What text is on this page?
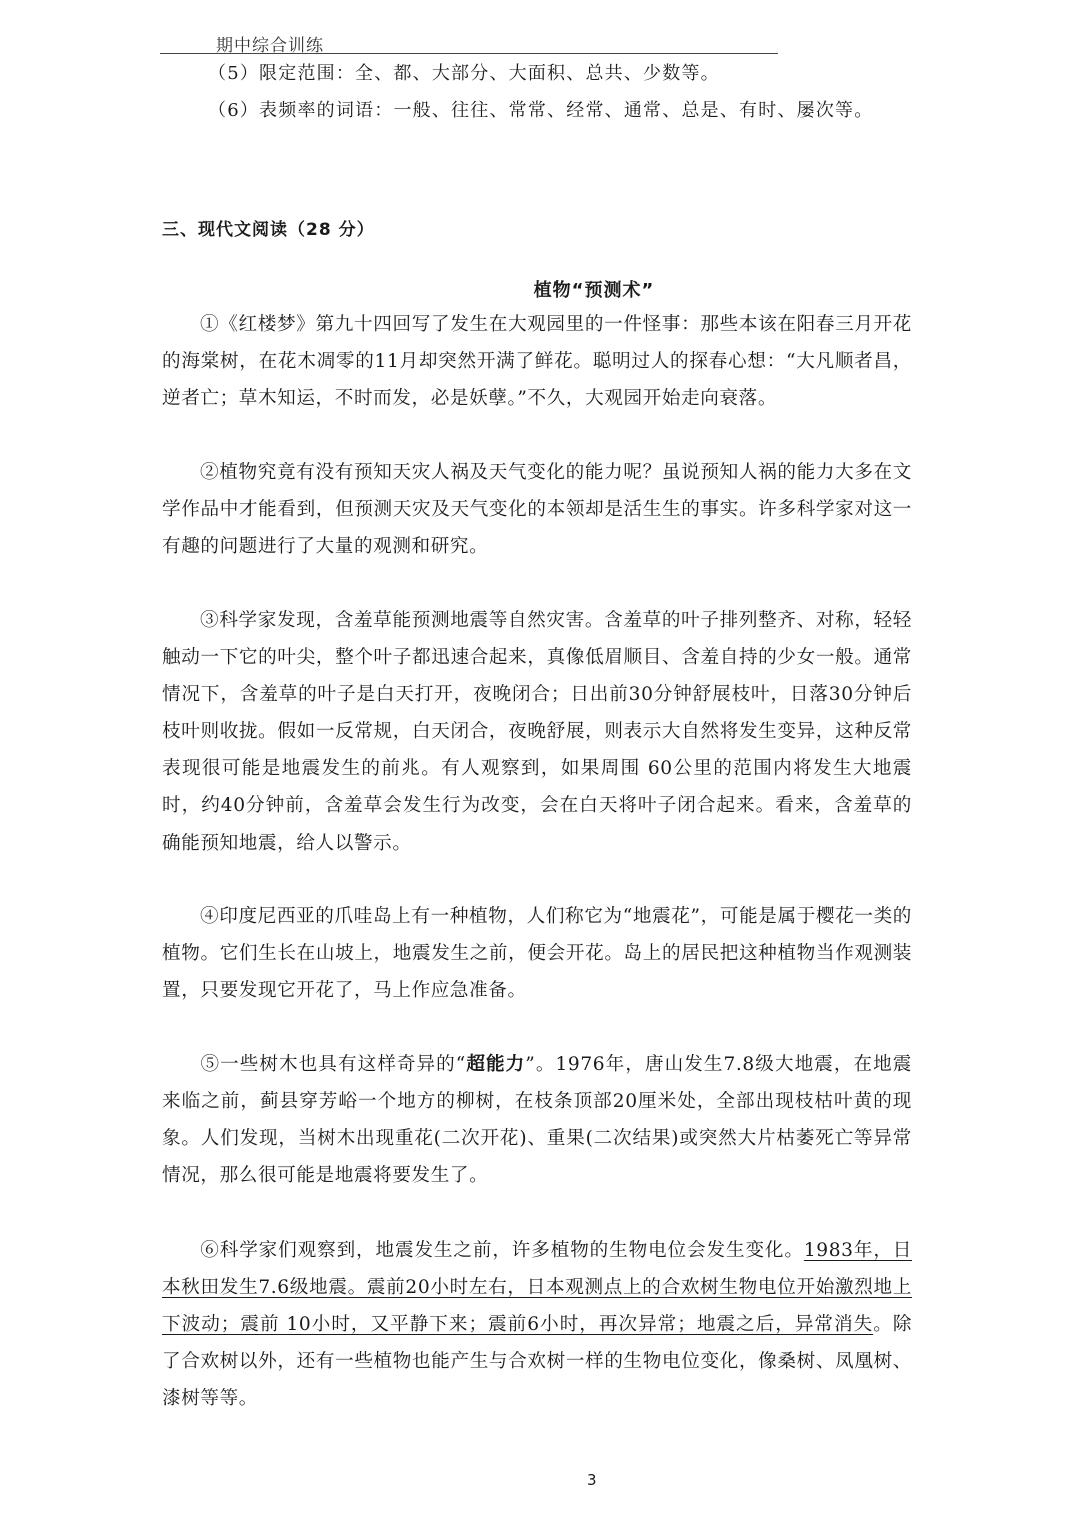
期中综合训练
（5）限定范围：全、都、大部分、大面积、总共、少数等。
（6）表频率的词语：一般、往往、常常、经常、通常、总是、有时、屡次等。
三、现代文阅读（28 分）
植物“预测术”
①《红楼梦》第九十四回写了发生在大观园里的一件怪事：那些本该在阳春三月开花的海棠树，在花木凋零的11月却突然开满了鲜花。聪明过人的探春心想：“大凡顺者昌，逆者亡；草木知运，不时而发，必是妖孽。”不久，大观园开始走向衰落。
②植物究竟有没有预知天灾人祸及天气变化的能力呢？虽说预知人祸的能力大多在文学作品中才能看到，但预测天灾及天气变化的本领却是活生生的事实。许多科学家对这一有趣的问题进行了大量的观测和研究。
③科学家发现，含羞草能预测地震等自然灾害。含羞草的叶子排列整齐、对称，轻轻触动一下它的叶尖，整个叶子都迅速合起来，真像低眉顺目、含羞自持的少女一般。通常情况下，含羞草的叶子是白天打开，夜晚闭合；日出前30分钟舒展枝叶，日落30分钟后枝叶则收拢。假如一反常规，白天闭合，夜晚舒展，则表示大自然将发生变异，这种反常表现很可能是地震发生的前兆。有人观察到，如果周围 60公里的范围内将发生大地震时，约40分钟前，含羞草会发生行为改变，会在白天将叶子闭合起来。看来，含羞草的确能预知地震，给人以警示。
④印度尼西亚的爪哇岛上有一种植物，人们称它为“地震花”，可能是属于樱花一类的植物。它们生长在山坡上，地震发生之前，便会开花。岛上的居民把这种植物当作观测装置，只要发现它开花了，马上作应急准备。
⑤一些树木也具有这样奇异的“超能力”。1976年，唐山发生7.8级大地震，在地震来临之前，蓟县穿芳峪一个地方的柳树，在枝条顶部20厘米处，全部出现枝枯叶黄的现象。人们发现，当树木出现重花(二次开花)、重果(二次结果)或突然大片枯萎死亡等异常情况，那么很可能是地震将要发生了。
⑥科学家们观察到，地震发生之前，许多植物的生物电位会发生变化。1983年，日本秋田发生7.6级地震。震前20小时左右，日本观测点上的合欢树生物电位开始激烈地上下波动；震前 10小时，又平静下来；震前6小时，再次异常；地震之后，异常消失。除了合欢树以外，还有一些植物也能产生与合欢树一样的生物电位变化，像桑树、凤凰树、漆树等等。
3
